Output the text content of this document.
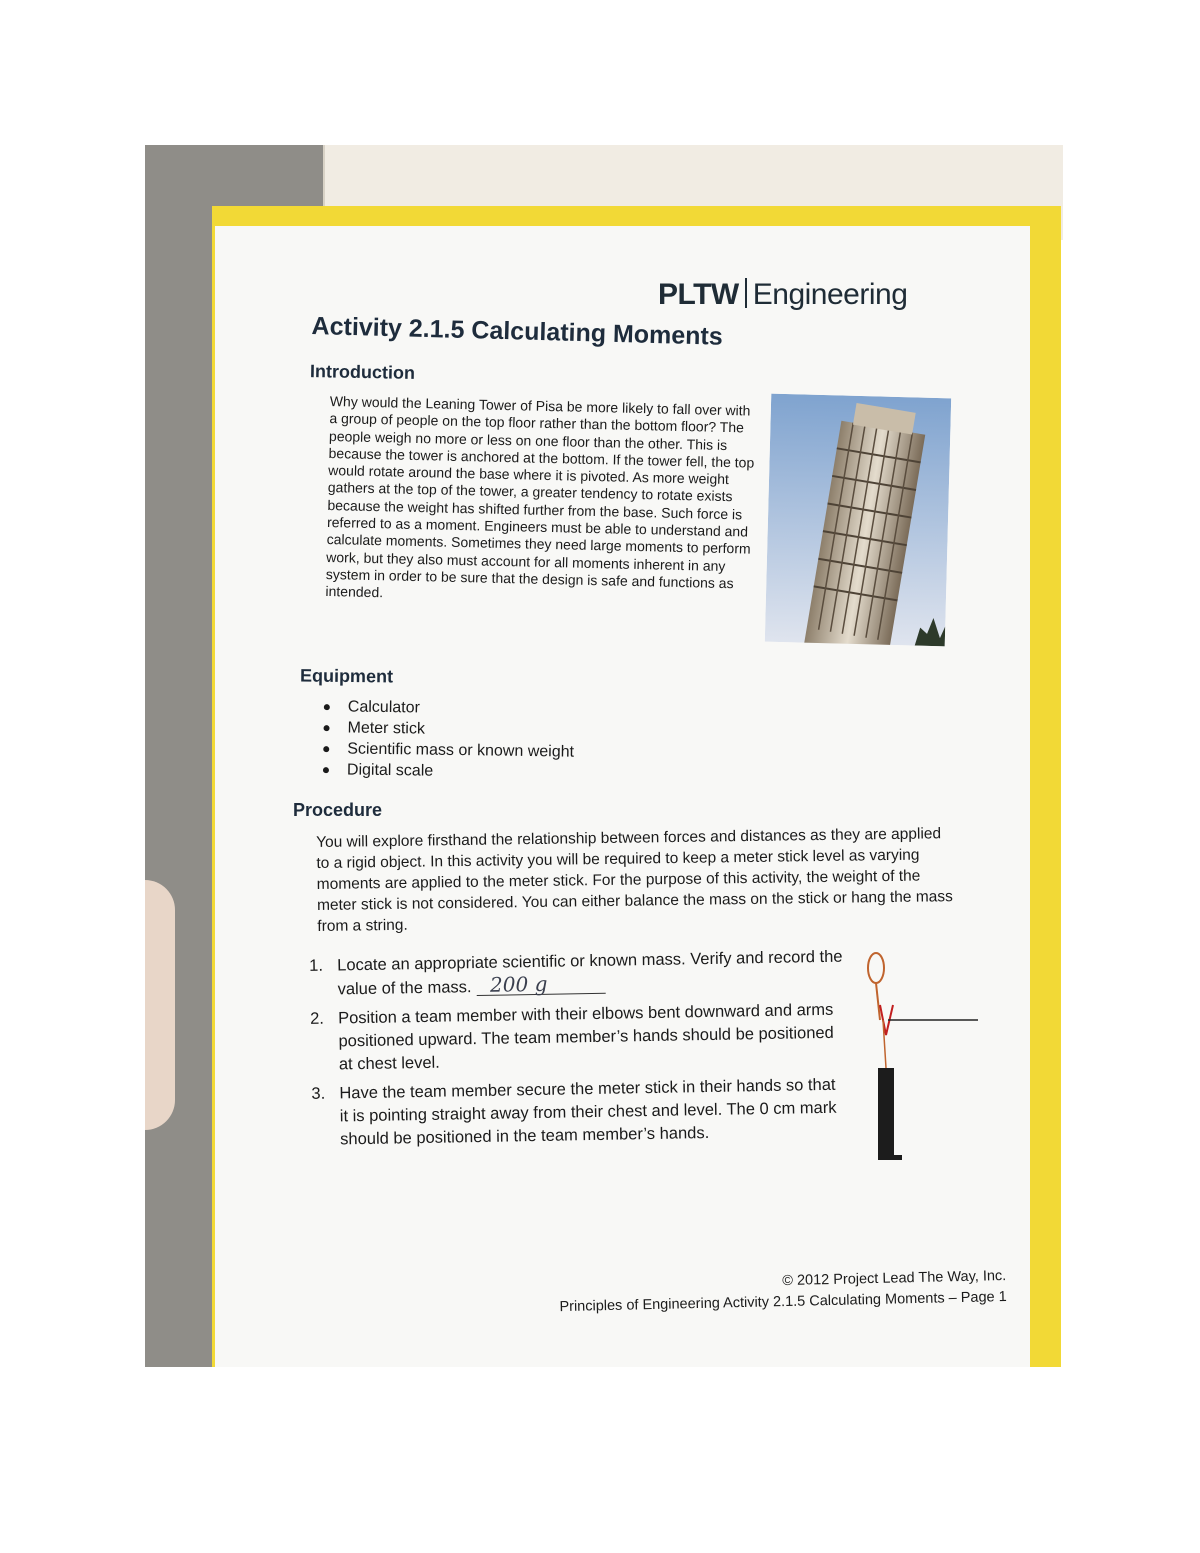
PLTW Engineering
Activity 2.1.5 Calculating Moments
Introduction
Why would the Leaning Tower of Pisa be more likely to fall over with a group of people on the top floor rather than the bottom floor? The people weigh no more or less on one floor than the other. This is because the tower is anchored at the bottom. If the tower fell, the top would rotate around the base where it is pivoted. As more weight gathers at the top of the tower, a greater tendency to rotate exists because the weight has shifted further from the base. Such force is referred to as a moment. Engineers must be able to understand and calculate moments. Sometimes they need large moments to perform work, but they also must account for all moments inherent in any system in order to be sure that the design is safe and functions as intended.
Equipment
Calculator
Meter stick
Scientific mass or known weight
Digital scale
Procedure
You will explore firsthand the relationship between forces and distances as they are applied to a rigid object. In this activity you will be required to keep a meter stick level as varying moments are applied to the meter stick. For the purpose of this activity, the weight of the meter stick is not considered. You can either balance the mass on the stick or hang the mass from a string.
1. Locate an appropriate scientific or known mass. Verify and record the value of the mass. 200 g
2. Position a team member with their elbows bent downward and arms positioned upward. The team member’s hands should be positioned at chest level.
3. Have the team member secure the meter stick in their hands so that it is pointing straight away from their chest and level. The 0 cm mark should be positioned in the team member’s hands.
© 2012 Project Lead The Way, Inc.
Principles of Engineering Activity 2.1.5 Calculating Moments – Page 1
